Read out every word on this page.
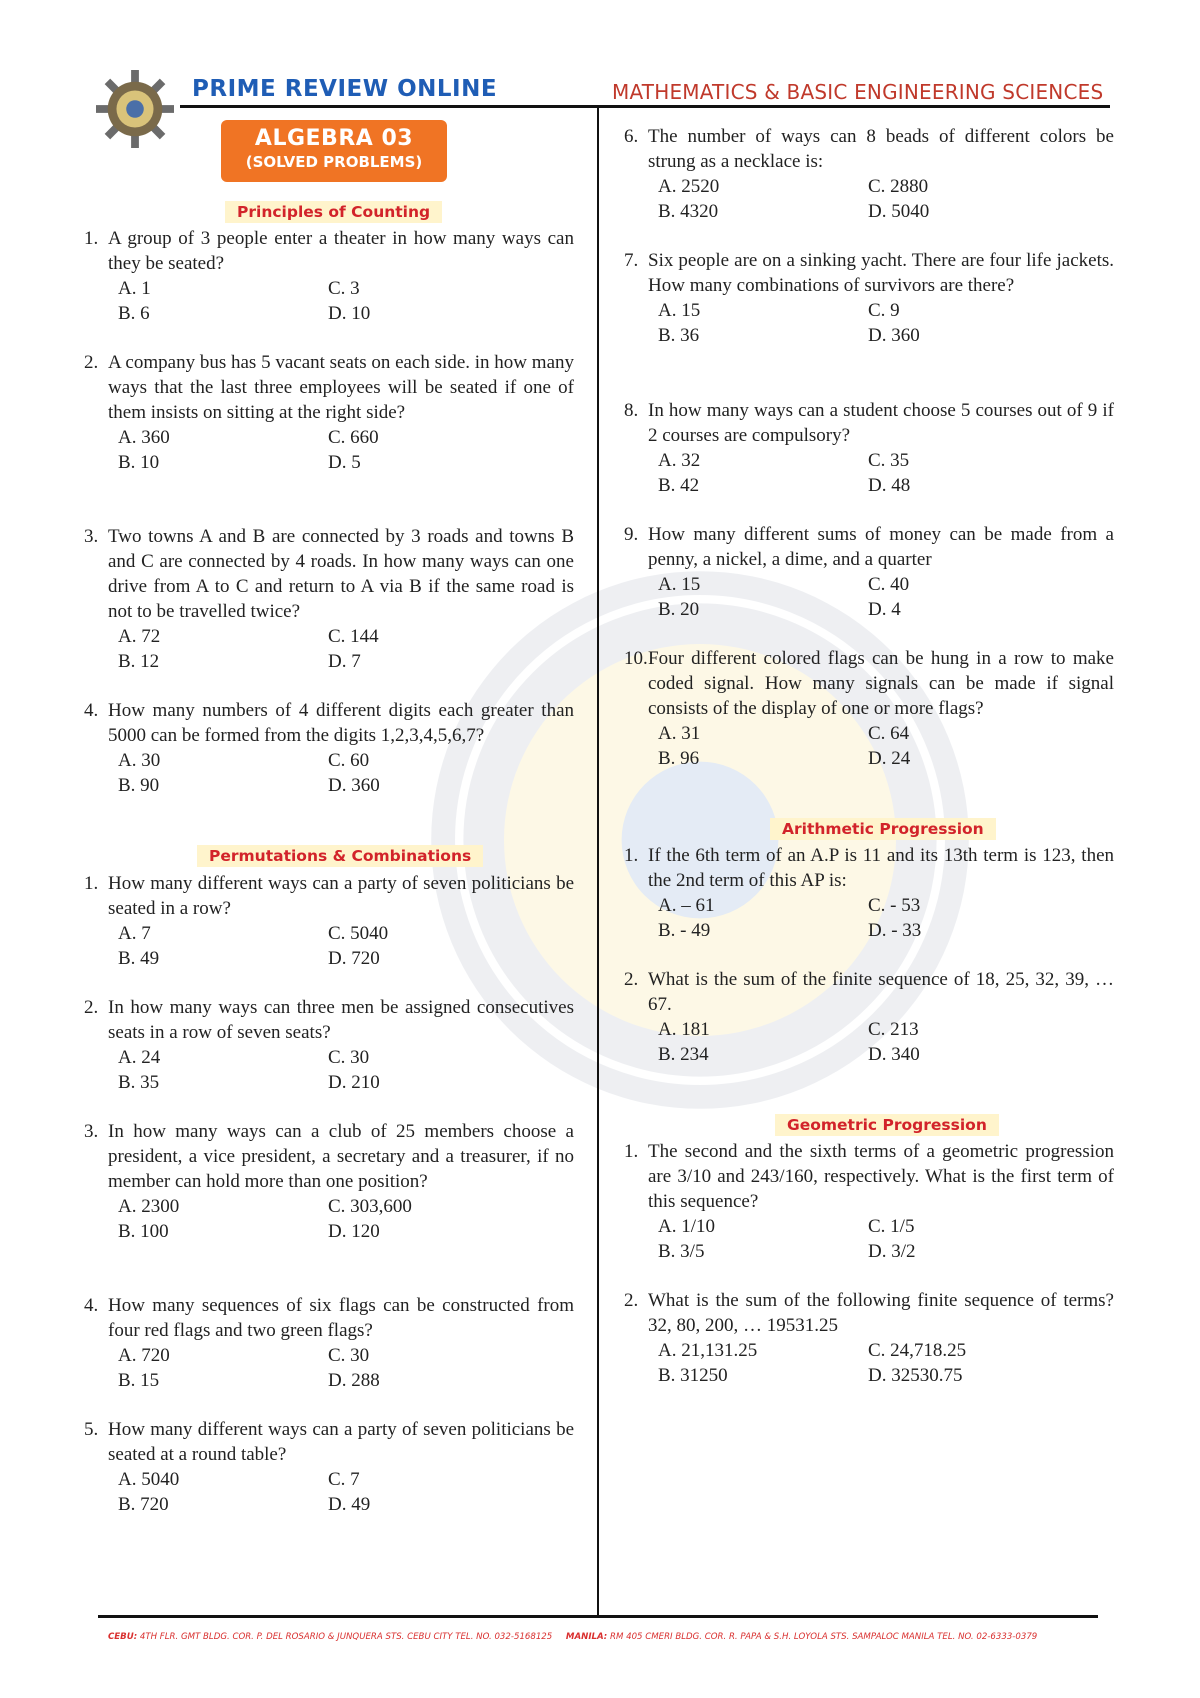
PRIME REVIEW ONLINE	MATHEMATICS & BASIC ENGINEERING SCIENCES
ALGEBRA 03
(SOLVED PROBLEMS)
Principles of Counting
1. A group of 3 people enter a theater in how many ways can they be seated?
A. 1	C. 3
B. 6	D. 10
2. A company bus has 5 vacant seats on each side. in how many ways that the last three employees will be seated if one of them insists on sitting at the right side?
A. 360	C. 660
B. 10	D. 5
3. Two towns A and B are connected by 3 roads and towns B and C are connected by 4 roads. In how many ways can one drive from A to C and return to A via B if the same road is not to be travelled twice?
A. 72	C. 144
B. 12	D. 7
4. How many numbers of 4 different digits each greater than 5000 can be formed from the digits 1,2,3,4,5,6,7?
A. 30	C. 60
B. 90	D. 360
Permutations & Combinations
1. How many different ways can a party of seven politicians be seated in a row?
A. 7	C. 5040
B. 49	D. 720
2. In how many ways can three men be assigned consecutives seats in a row of seven seats?
A. 24	C. 30
B. 35	D. 210
3. In how many ways can a club of 25 members choose a president, a vice president, a secretary and a treasurer, if no member can hold more than one position?
A. 2300	C. 303,600
B. 100	D. 120
4. How many sequences of six flags can be constructed from four red flags and two green flags?
A. 720	C. 30
B. 15	D. 288
5. How many different ways can a party of seven politicians be seated at a round table?
A. 5040	C. 7
B. 720	D. 49
6. The number of ways can 8 beads of different colors be strung as a necklace is:
A. 2520	C. 2880
B. 4320	D. 5040
7. Six people are on a sinking yacht. There are four life jackets. How many combinations of survivors are there?
A. 15	C. 9
B. 36	D. 360
8. In how many ways can a student choose 5 courses out of 9 if 2 courses are compulsory?
A. 32	C. 35
B. 42	D. 48
9. How many different sums of money can be made from a penny, a nickel, a dime, and a quarter
A. 15	C. 40
B. 20	D. 4
10. Four different colored flags can be hung in a row to make coded signal. How many signals can be made if signal consists of the display of one or more flags?
A. 31	C. 64
B. 96	D. 24
Arithmetic Progression
1. If the 6th term of an A.P is 11 and its 13th term is 123, then the 2nd term of this AP is:
A. – 61	C. - 53
B. - 49	D. - 33
2. What is the sum of the finite sequence of 18, 25, 32, 39, … 67.
A. 181	C. 213
B. 234	D. 340
Geometric Progression
1. The second and the sixth terms of a geometric progression are 3/10 and 243/160, respectively. What is the first term of this sequence?
A. 1/10	C. 1/5
B. 3/5	D. 3/2
2. What is the sum of the following finite sequence of terms? 32, 80, 200, … 19531.25
A. 21,131.25	C. 24,718.25
B. 31250	D. 32530.75
CEBU: 4TH FLR. GMT BLDG. COR. P. DEL ROSARIO & JUNQUERA STS. CEBU CITY TEL. NO. 032-5168125 MANILA: RM 405 CMERI BLDG. COR. R. PAPA & S.H. LOYOLA STS. SAMPALOC MANILA TEL. NO. 02-6333-0379
